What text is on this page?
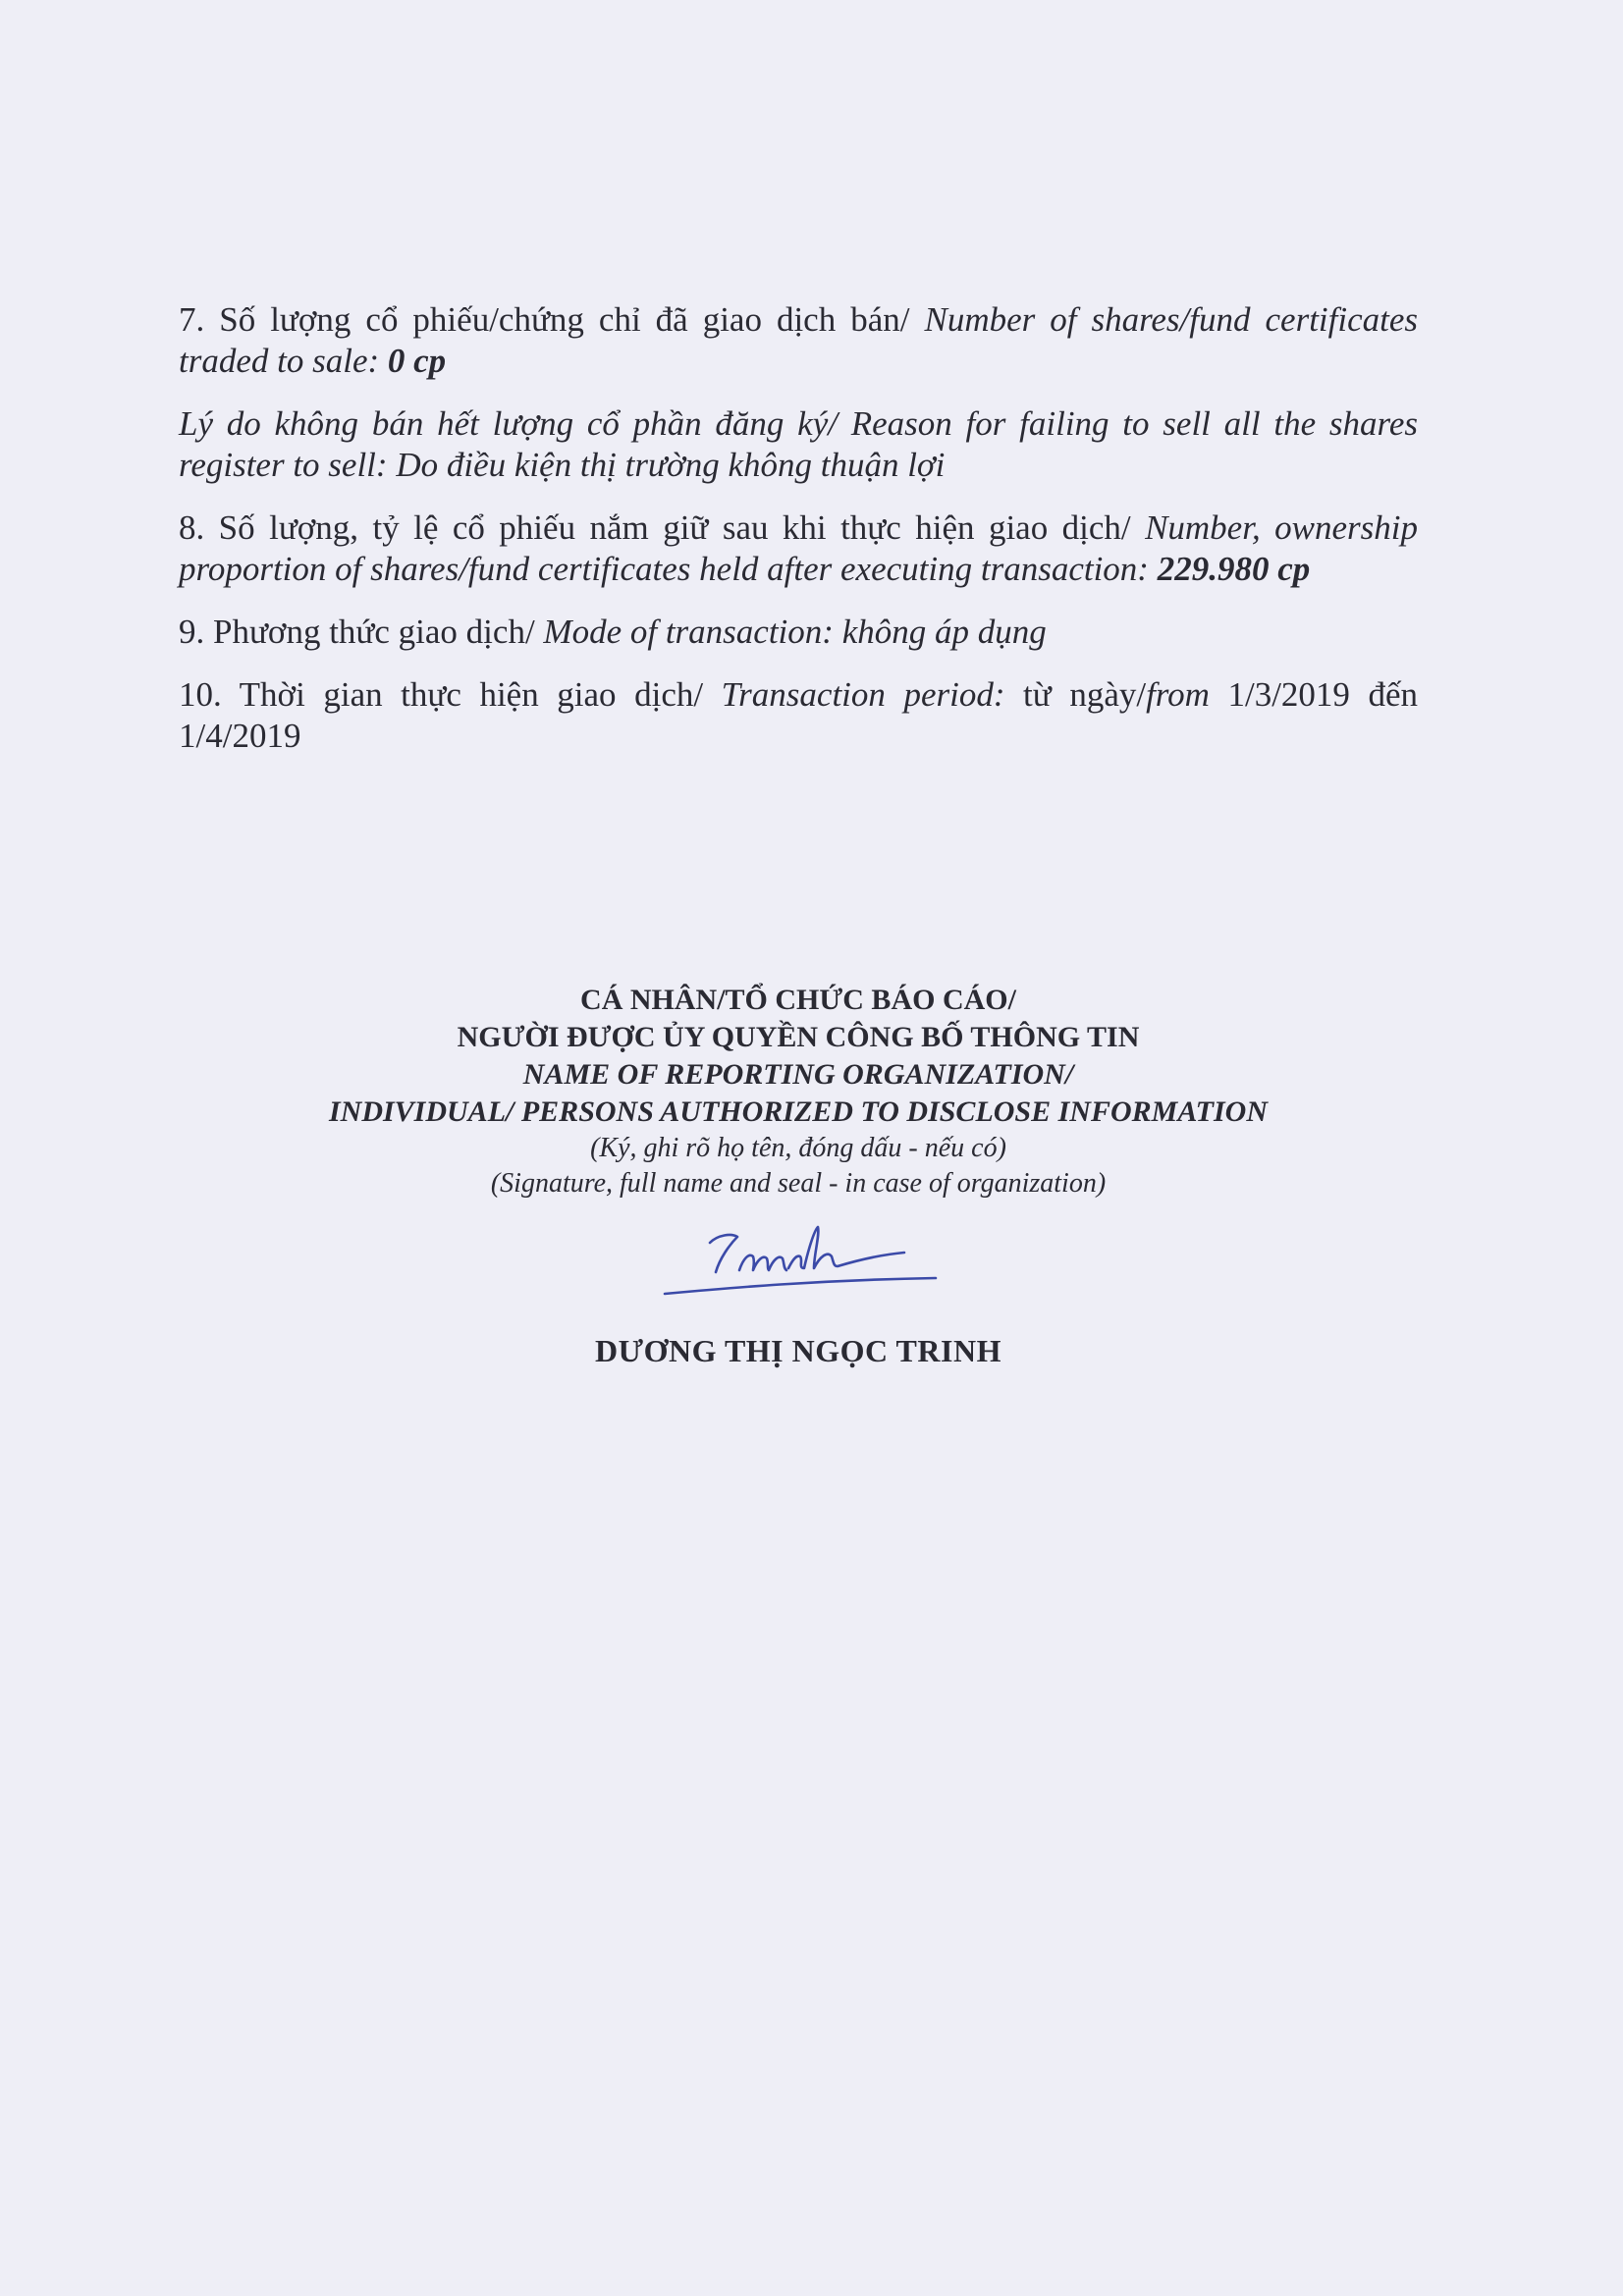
7. Số lượng cổ phiếu/chứng chỉ đã giao dịch bán/ Number of shares/fund certificates traded to sale: 0 cp

Lý do không bán hết lượng cổ phần đăng ký/ Reason for failing to sell all the shares register to sell: Do điều kiện thị trường không thuận lợi

8. Số lượng, tỷ lệ cổ phiếu nắm giữ sau khi thực hiện giao dịch/ Number, ownership proportion of shares/fund certificates held after executing transaction: 229.980 cp

9. Phương thức giao dịch/ Mode of transaction: không áp dụng

10. Thời gian thực hiện giao dịch/ Transaction period: từ ngày/from 1/3/2019 đến 1/4/2019

CÁ NHÂN/TỔ CHỨC BÁO CÁO/
NGƯỜI ĐƯỢC ỦY QUYỀN CÔNG BỐ THÔNG TIN
NAME OF REPORTING ORGANIZATION/
INDIVIDUAL/ PERSONS AUTHORIZED TO DISCLOSE INFORMATION
(Ký, ghi rõ họ tên, đóng dấu - nếu có)
(Signature, full name and seal - in case of organization)
DƯƠNG THỊ NGỌC TRINH
